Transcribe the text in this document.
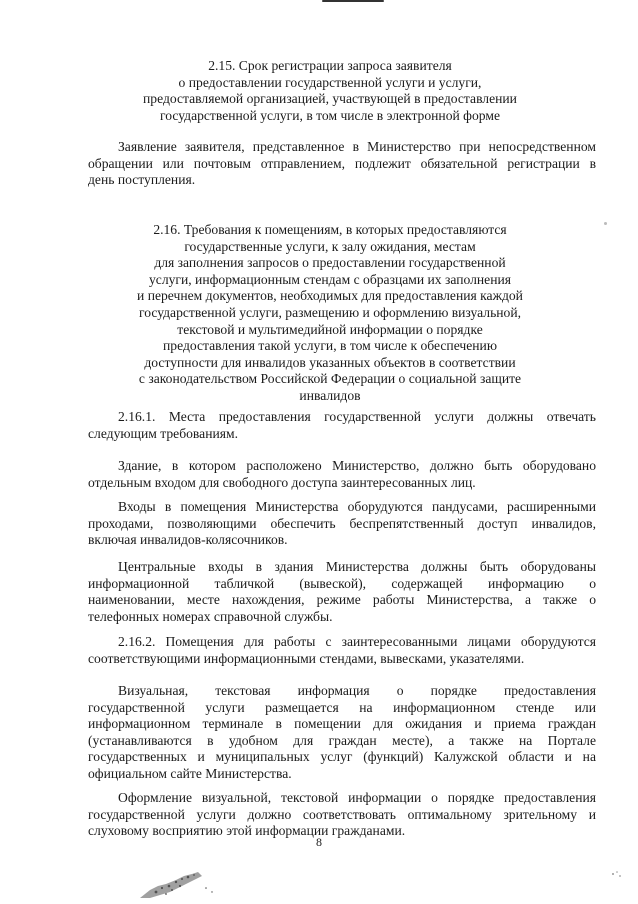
2.15. Срок регистрации запроса заявителя
о предоставлении государственной услуги и услуги,
предоставляемой организацией, участвующей в предоставлении
государственной услуги, в том числе в электронной форме
Заявление заявителя, представленное в Министерство при непосредственном
обращении или почтовым отправлением, подлежит обязательной регистрации в
день поступления.
2.16. Требования к помещениям, в которых предоставляются
государственные услуги, к залу ожидания, местам
для заполнения запросов о предоставлении государственной
услуги, информационным стендам с образцами их заполнения
и перечнем документов, необходимых для предоставления каждой
государственной услуги, размещению и оформлению визуальной,
текстовой и мультимедийной информации о порядке
предоставления такой услуги, в том числе к обеспечению
доступности для инвалидов указанных объектов в соответствии
с законодательством Российской Федерации о социальной защите
инвалидов
2.16.1. Места предоставления государственной услуги должны отвечать
следующим требованиям.
Здание, в котором расположено Министерство, должно быть оборудовано
отдельным входом для свободного доступа заинтересованных лиц.
Входы в помещения Министерства оборудуются пандусами, расширенными
проходами, позволяющими обеспечить беспрепятственный доступ инвалидов,
включая инвалидов-колясочников.
Центральные входы в здания Министерства должны быть оборудованы
информационной табличкой (вывеской), содержащей информацию о
наименовании, месте нахождения, режиме работы Министерства, а также о
телефонных номерах справочной службы.
2.16.2. Помещения для работы с заинтересованными лицами оборудуются
соответствующими информационными стендами, вывесками, указателями.
Визуальная, текстовая информация о порядке предоставления
государственной услуги размещается на информационном стенде или
информационном терминале в помещении для ожидания и приема граждан
(устанавливаются в удобном для граждан месте), а также на Портале
государственных и муниципальных услуг (функций) Калужской области и на
официальном сайте Министерства.
Оформление визуальной, текстовой информации о порядке предоставления
государственной услуги должно соответствовать оптимальному зрительному и
слуховому восприятию этой информации гражданами.
8
